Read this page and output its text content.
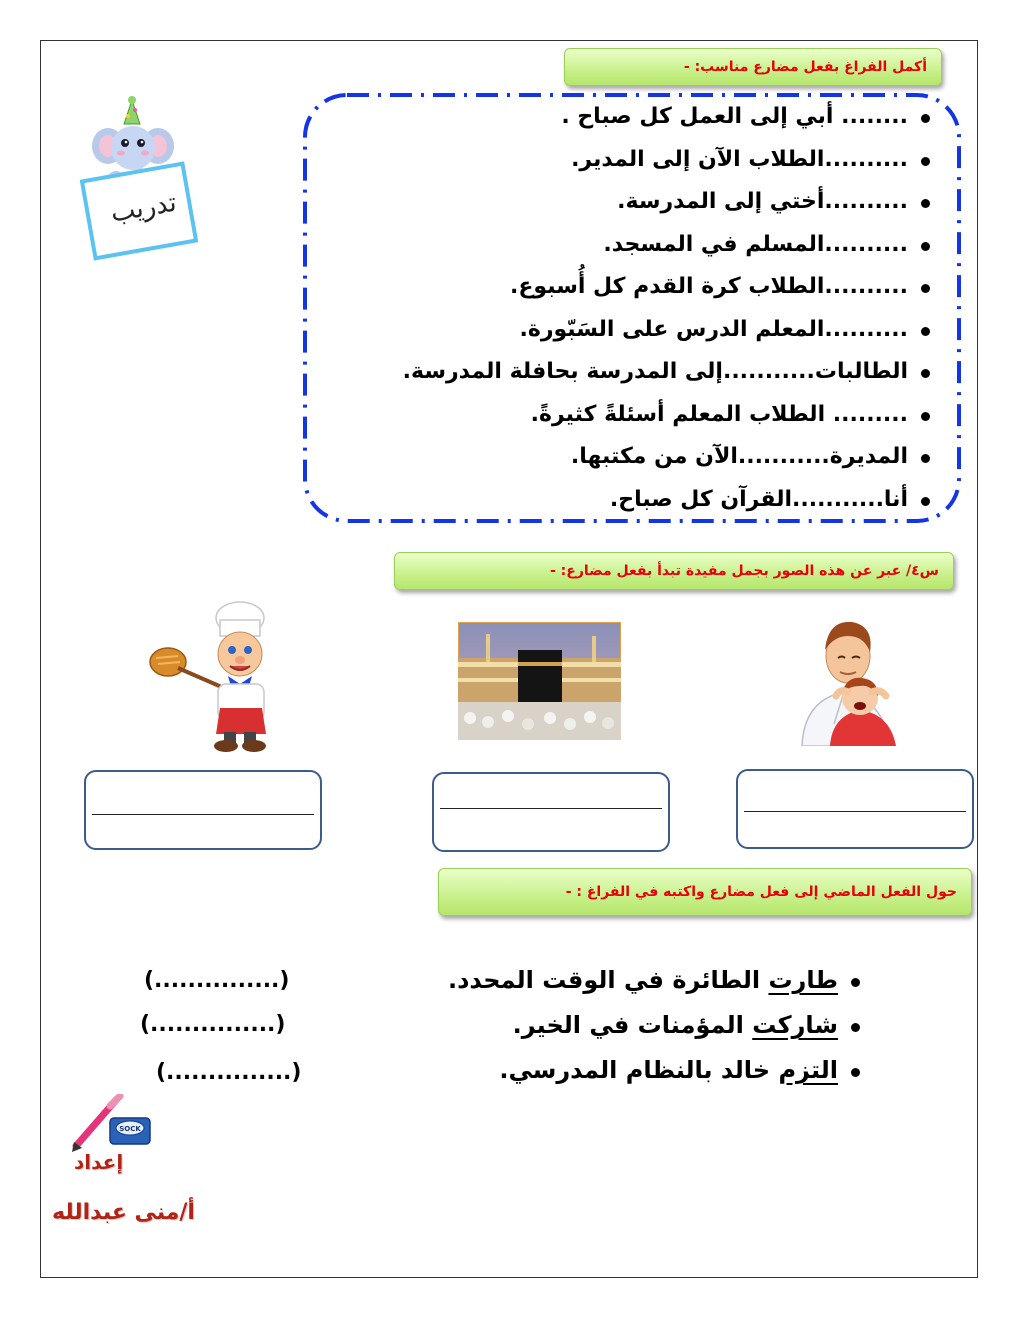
أكمل الفراغ بفعل مضارع مناسب: -
........ أبي إلى العمل كل صباح .
..........الطلاب الآن إلى المدير.
..........أختي إلى المدرسة.
..........المسلم في المسجد.
..........الطلاب كرة القدم كل أُسبوع.
..........المعلم الدرس على السَبّورة.
الطالبات...........إلى المدرسة بحافلة المدرسة.
......... الطلاب المعلم أسئلةً كثيرةً.
المديرة...........الآن من مكتبها.
أنا...........القرآن كل صباح.
تدريب
س٤/ عبر عن هذه الصور بجمل مفيدة تبدأ بفعل مضارع: -
حول الفعل الماضي إلى فعل مضارع واكتبه في الفراغ : -
طارت الطائرة في الوقت المحدد.
شاركت المؤمنات في الخير.
التزم خالد بالنظام المدرسي.
(...............)
(...............)
(...............)
SOCK
إعداد
أ/منى عبدالله
